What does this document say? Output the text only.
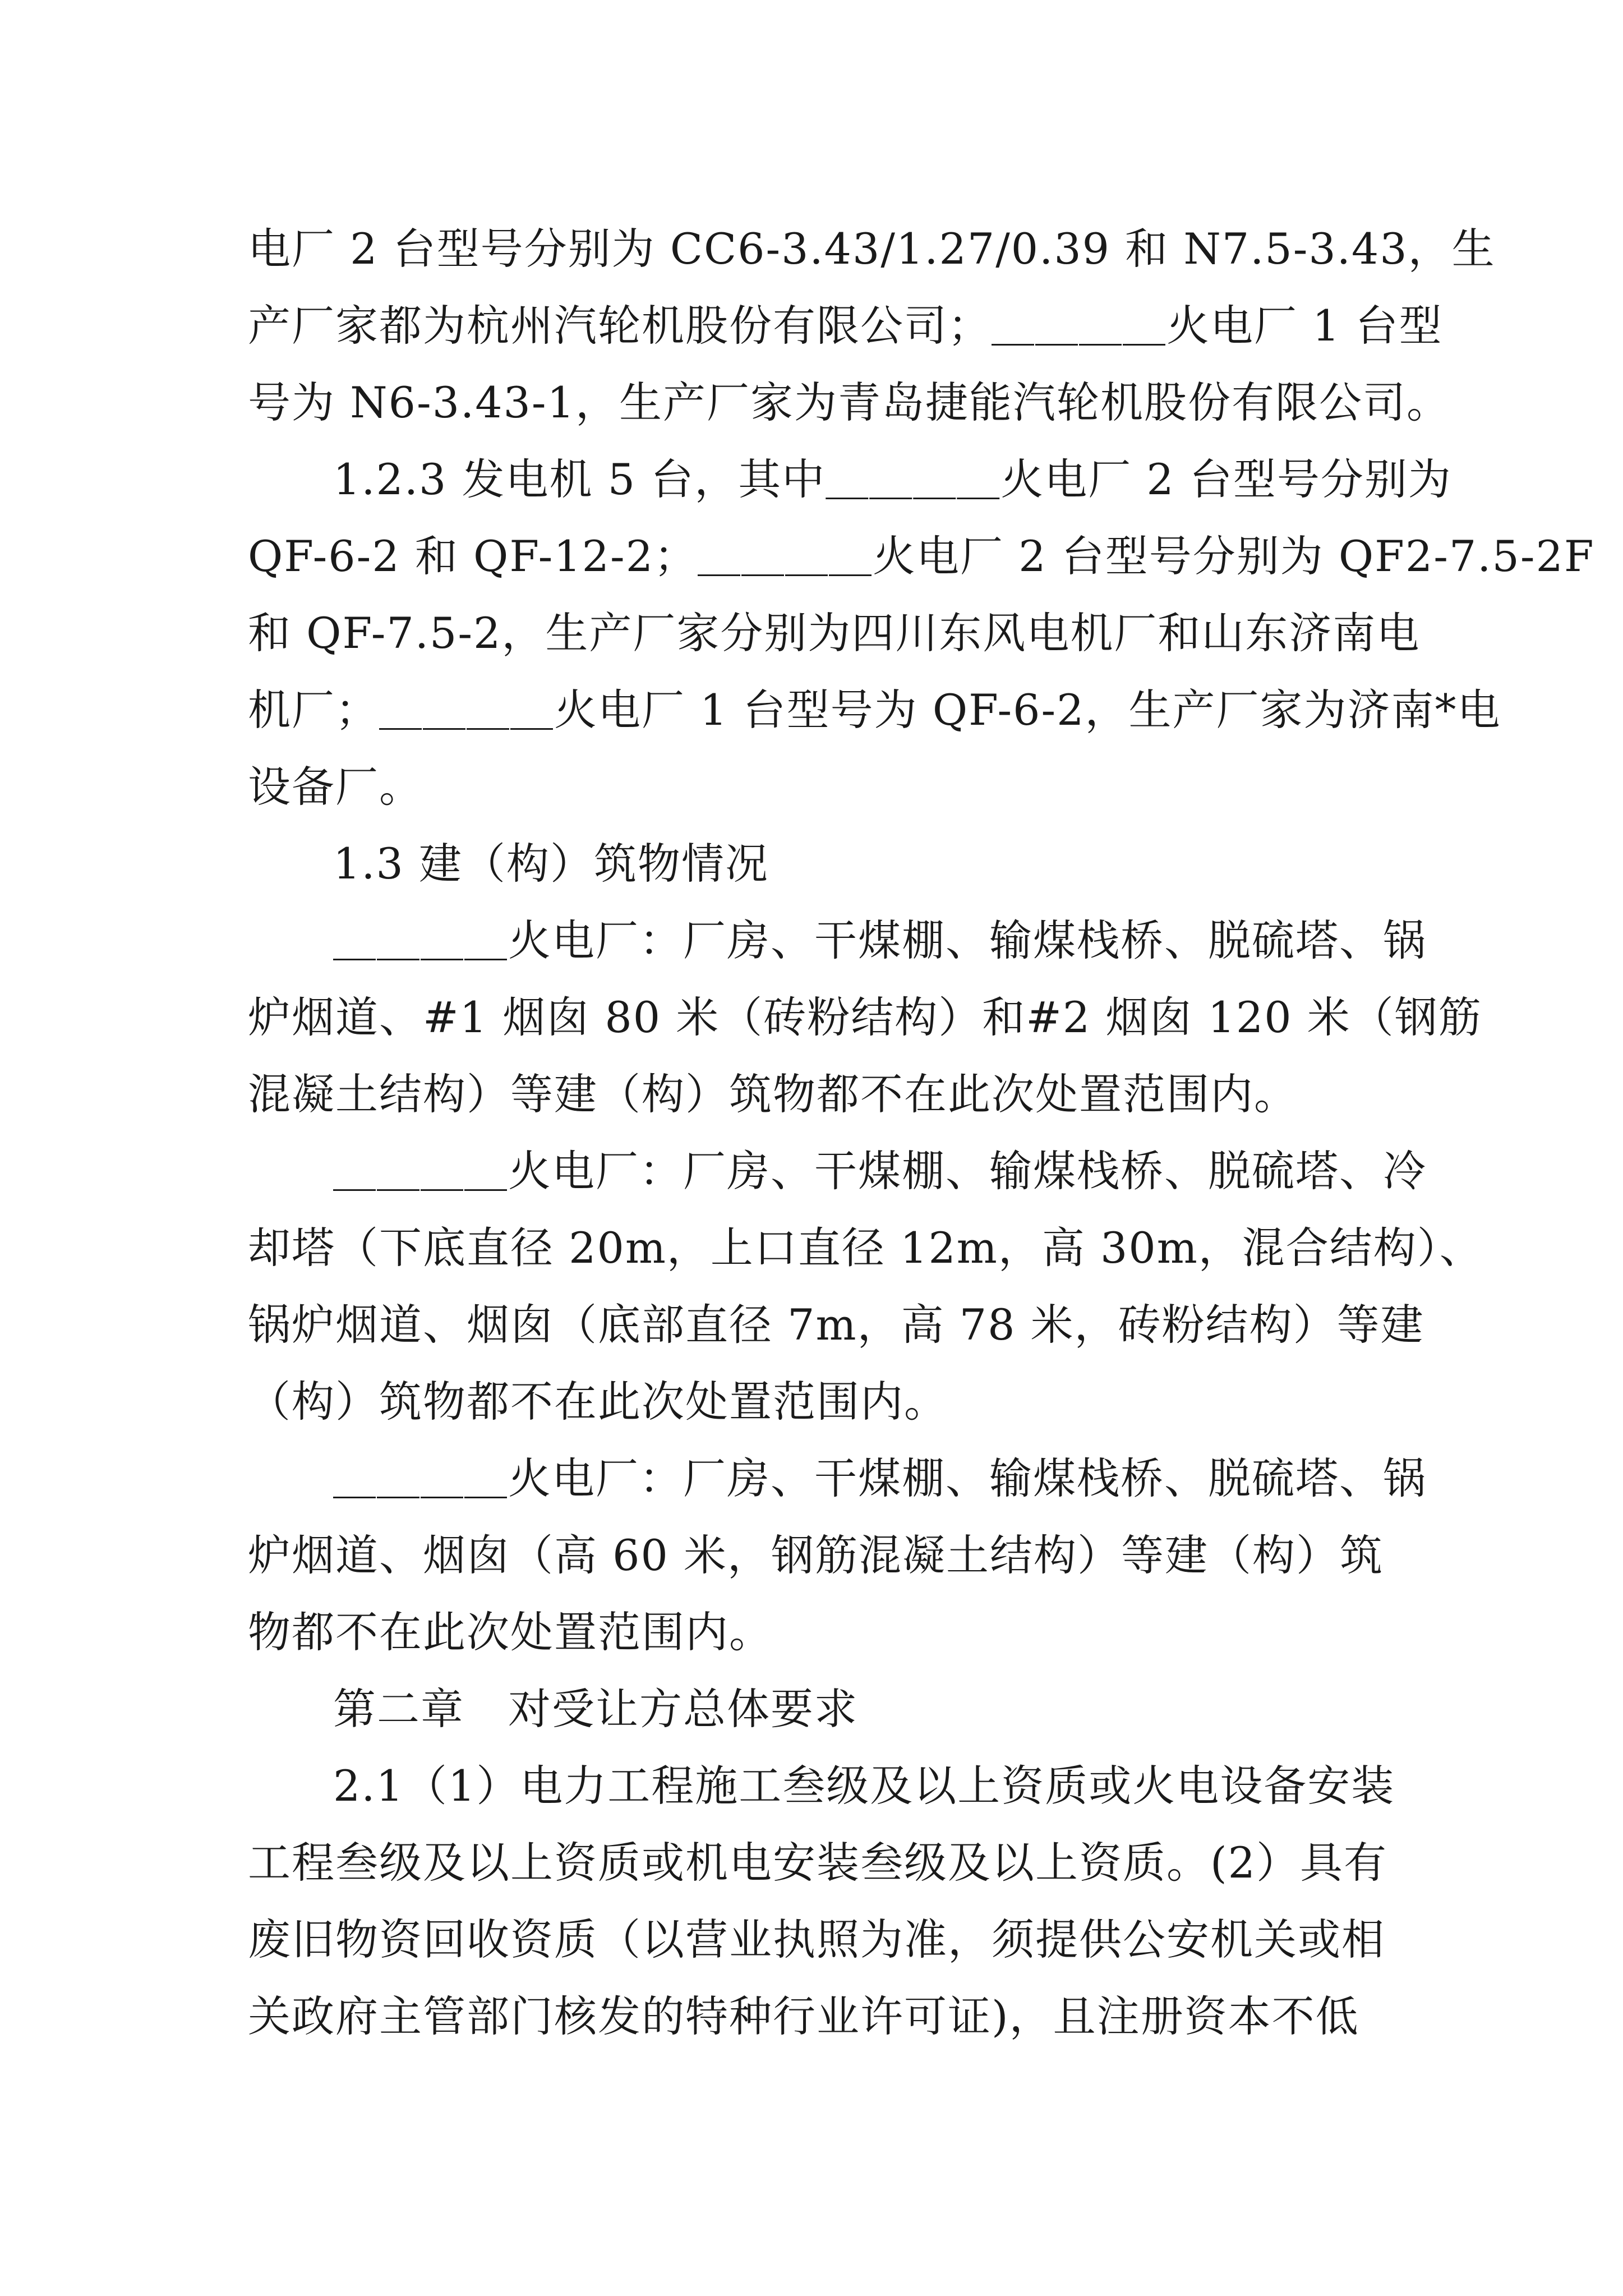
电厂 2 台型号分别为 CC6-3.43/1.27/0.39 和 N7.5-3.43，生
产厂家都为杭州汽轮机股份有限公司；＿＿＿＿火电厂 1 台型
号为 N6-3.43-1，生产厂家为青岛捷能汽轮机股份有限公司。
1.2.3 发电机 5 台，其中＿＿＿＿火电厂 2 台型号分别为
QF-6-2 和 QF-12-2；＿＿＿＿火电厂 2 台型号分别为 QF2-7.5-2F
和 QF-7.5-2，生产厂家分别为四川东风电机厂和山东济南电
机厂；＿＿＿＿火电厂 1 台型号为 QF-6-2，生产厂家为济南*电
设备厂。
1.3 建（构）筑物情况
＿＿＿＿火电厂：厂房、干煤棚、输煤栈桥、脱硫塔、锅
炉烟道、#1 烟囱 80 米（砖粉结构）和#2 烟囱 120 米（钢筋
混凝土结构）等建（构）筑物都不在此次处置范围内。
＿＿＿＿火电厂：厂房、干煤棚、输煤栈桥、脱硫塔、冷
却塔（下底直径 20m，上口直径 12m，高 30m，混合结构）、
锅炉烟道、烟囱（底部直径 7m，高 78 米，砖粉结构）等建
（构）筑物都不在此次处置范围内。
＿＿＿＿火电厂：厂房、干煤棚、输煤栈桥、脱硫塔、锅
炉烟道、烟囱（高 60 米，钢筋混凝土结构）等建（构）筑
物都不在此次处置范围内。
第二章　对受让方总体要求
2.1（1）电力工程施工叁级及以上资质或火电设备安装
工程叁级及以上资质或机电安装叁级及以上资质。(2）具有
废旧物资回收资质（以营业执照为准，须提供公安机关或相
关政府主管部门核发的特种行业许可证)，且注册资本不低
